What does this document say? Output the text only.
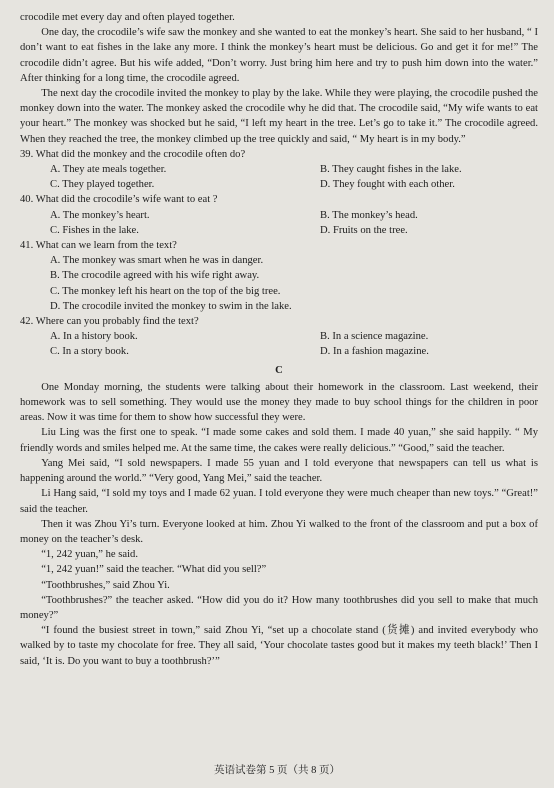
crocodile met every day and often played together.

One day, the crocodile’s wife saw the monkey and she wanted to eat the monkey’s heart. She said to her husband, “ I don’t want to eat fishes in the lake any more. I think the monkey’s heart must be delicious. Go and get it for me!” The crocodile didn’t agree. But his wife added, “Don’t worry. Just bring him here and try to push him down into the water.” After thinking for a long time, the crocodile agreed.

The next day the crocodile invited the monkey to play by the lake. While they were playing, the crocodile pushed the monkey down into the water. The monkey asked the crocodile why he did that. The crocodile said, “My wife wants to eat your heart.” The monkey was shocked but he said, “I left my heart in the tree. Let’s go to take it.” The crocodile agreed. When they reached the tree, the monkey climbed up the tree quickly and said, “ My heart is in my body.”

39. What did the monkey and the crocodile often do?

A. They ate meals together.	B. They caught fishes in the lake.
C. They played together.	D. They fought with each other.

40. What did the crocodile’s wife want to eat ?

A. The monkey’s heart.	B. The monkey’s head.
C. Fishes in the lake.	D. Fruits on the tree.

41. What can we learn from the text?

A. The monkey was smart when he was in danger.
B. The crocodile agreed with his wife right away.
C. The monkey left his heart on the top of the big tree.
D. The crocodile invited the monkey to swim in the lake.

42. Where can you probably find the text?

A. In a history book.	B. In a science magazine.
C. In a story book.	D. In a fashion magazine.
C

One Monday morning, the students were talking about their homework in the classroom. Last weekend, their homework was to sell something. They would use the money they made to buy school things for the children in poor areas. Now it was time for them to show how successful they were.

Liu Ling was the first one to speak. “I made some cakes and sold them. I made 40 yuan,” she said happily. “ My friendly words and smiles helped me. At the same time, the cakes were really delicious.” “Good,” said the teacher.

Yang Mei said, “I sold newspapers. I made 55 yuan and I told everyone that newspapers can tell us what is happening around the world.” “Very good, Yang Mei,” said the teacher.

Li Hang said, “I sold my toys and I made 62 yuan. I told everyone they were much cheaper than new toys.” “Great!” said the teacher.

Then it was Zhou Yi’s turn. Everyone looked at him. Zhou Yi walked to the front of the classroom and put a box of money on the teacher’s desk.

“1, 242 yuan,” he said.

“1, 242 yuan!” said the teacher. “What did you sell?”

“Toothbrushes,” said Zhou Yi.

“Toothbrushes?” the teacher asked. “How did you do it? How many toothbrushes did you sell to make that much money?”

“I found the busiest street in town,” said Zhou Yi, “set up a chocolate stand (货摊) and invited everybody who walked by to taste my chocolate for free. They all said, ‘Your chocolate tastes good but it makes my teeth black!’ Then I said, ‘It is. Do you want to buy a toothbrush?’”

英语试卷第 5 页（共 8 页）
